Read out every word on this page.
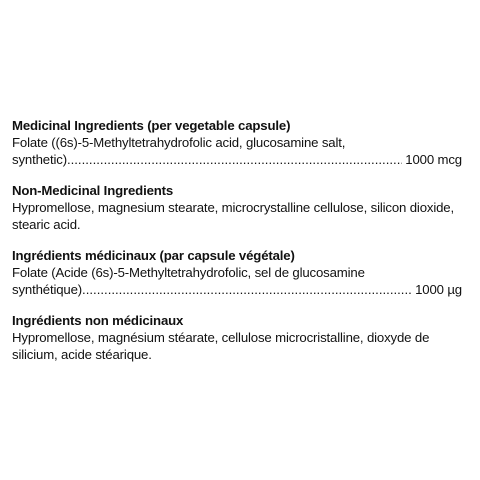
Medicinal Ingredients (per vegetable capsule)

Folate ((6s)-5-Methyltetrahydrofolic acid, glucosamine salt,

synthetic) .....	1000 mcg

Non-Medicinal Ingredients

Hypromellose, magnesium stearate, microcrystalline cellulose, silicon dioxide, stearic acid.

Ingrédients médicinaux (par capsule végétale)

Folate (Acide (6s)-5-Methyltetrahydrofolic, sel de glucosamine

synthétique) .....	1000 µg

Ingrédients non médicinaux

Hypromellose, magnésium stéarate, cellulose microcristalline, dioxyde de silicium, acide stéarique.
